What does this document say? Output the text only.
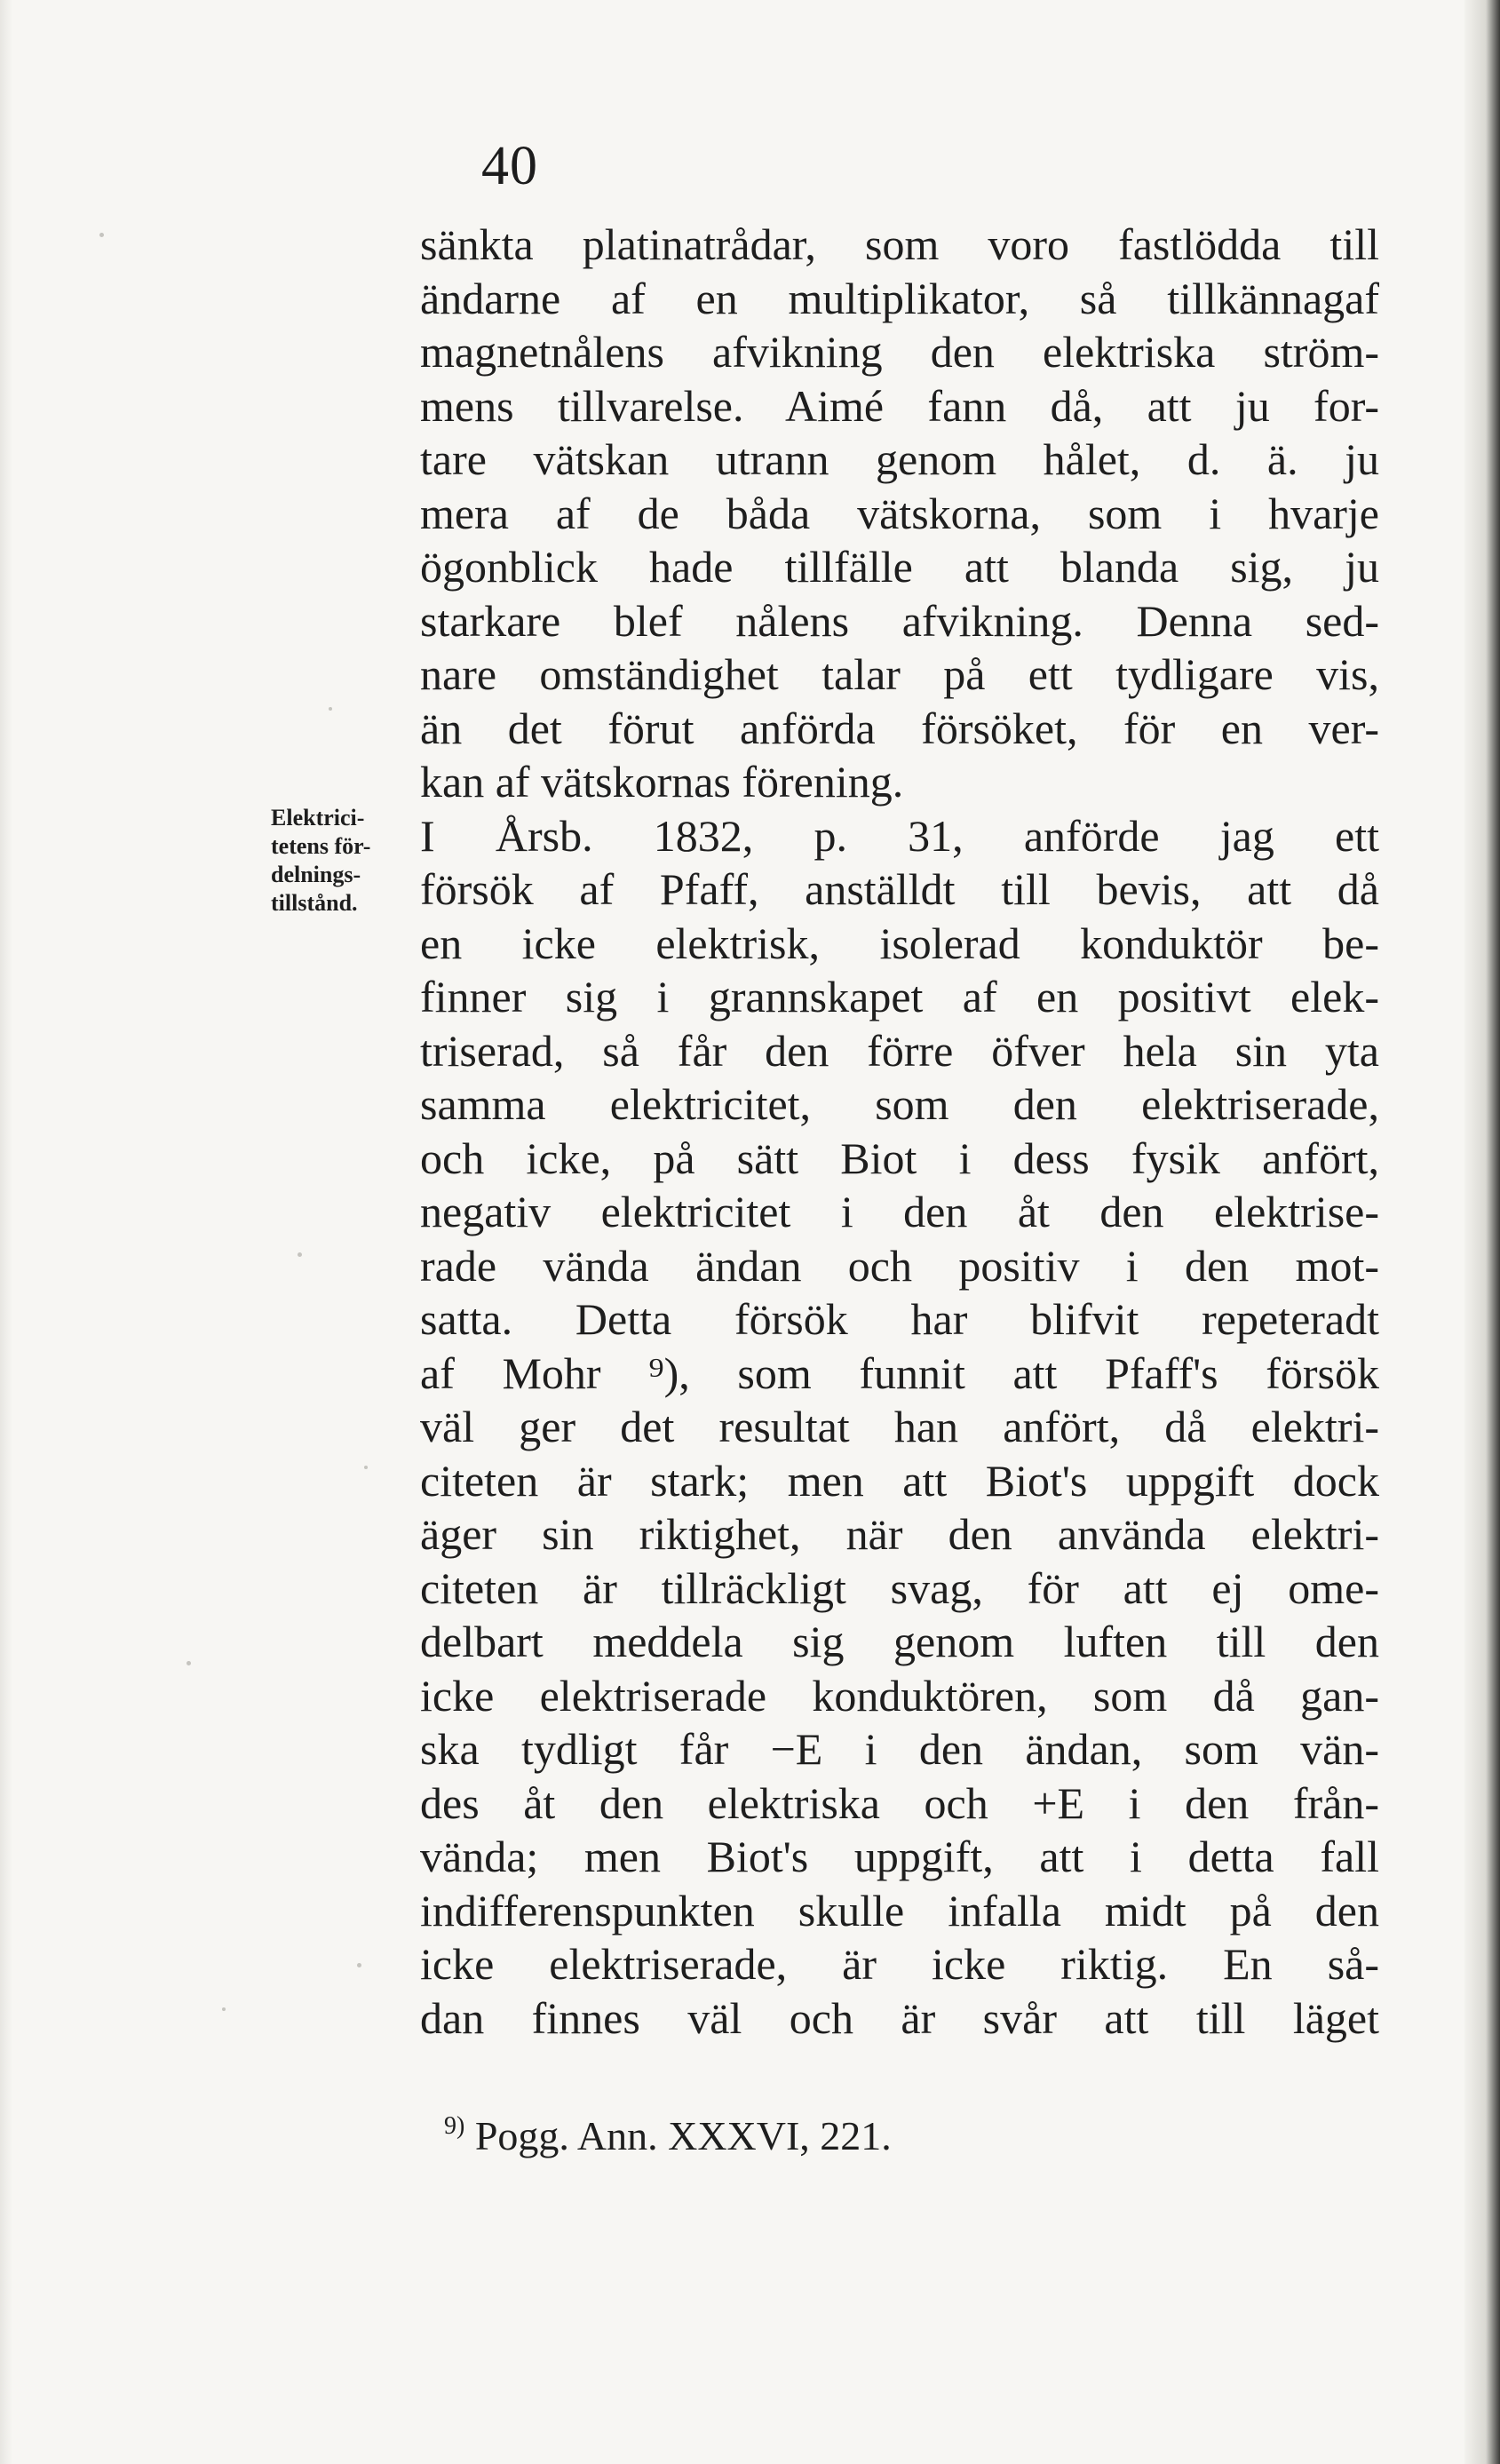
40
Elektrici-
tetens för-
delnings-
tillstånd.
sänkta platinatrådar, som voro fastlödda till
ändarne af en multiplikator, så tillkännagaf
magnetnålens afvikning den elektriska ström-
mens tillvarelse. Aimé fann då, att ju for-
tare vätskan utrann genom hålet, d. ä. ju
mera af de båda vätskorna, som i hvarje
ögonblick hade tillfälle att blanda sig, ju
starkare blef nålens afvikning. Denna sed-
nare omständighet talar på ett tydligare vis,
än det förut anförda försöket, för en ver-
kan af vätskornas förening.
I Årsb. 1832, p. 31, anförde jag ett
försök af Pfaff, anställdt till bevis, att då
en icke elektrisk, isolerad konduktör be-
finner sig i grannskapet af en positivt elek-
triserad, så får den förre öfver hela sin yta
samma elektricitet, som den elektriserade,
och icke, på sätt Biot i dess fysik anfört,
negativ elektricitet i den åt den elektrise-
rade vända ändan och positiv i den mot-
satta. Detta försök har blifvit repeteradt
af Mohr ⁹), som funnit att Pfaff's försök
väl ger det resultat han anfört, då elektri-
citeten är stark; men att Biot's uppgift dock
äger sin riktighet, när den använda elektri-
citeten är tillräckligt svag, för att ej ome-
delbart meddela sig genom luften till den
icke elektriserade konduktören, som då gan-
ska tydligt får −E i den ändan, som vän-
des åt den elektriska och +E i den från-
vända; men Biot's uppgift, att i detta fall
indifferenspunkten skulle infalla midt på den
icke elektriserade, är icke riktig. En så-
dan finnes väl och är svår att till läget
$^{9)}$ Pogg. Ann. XXXVI, 221.
